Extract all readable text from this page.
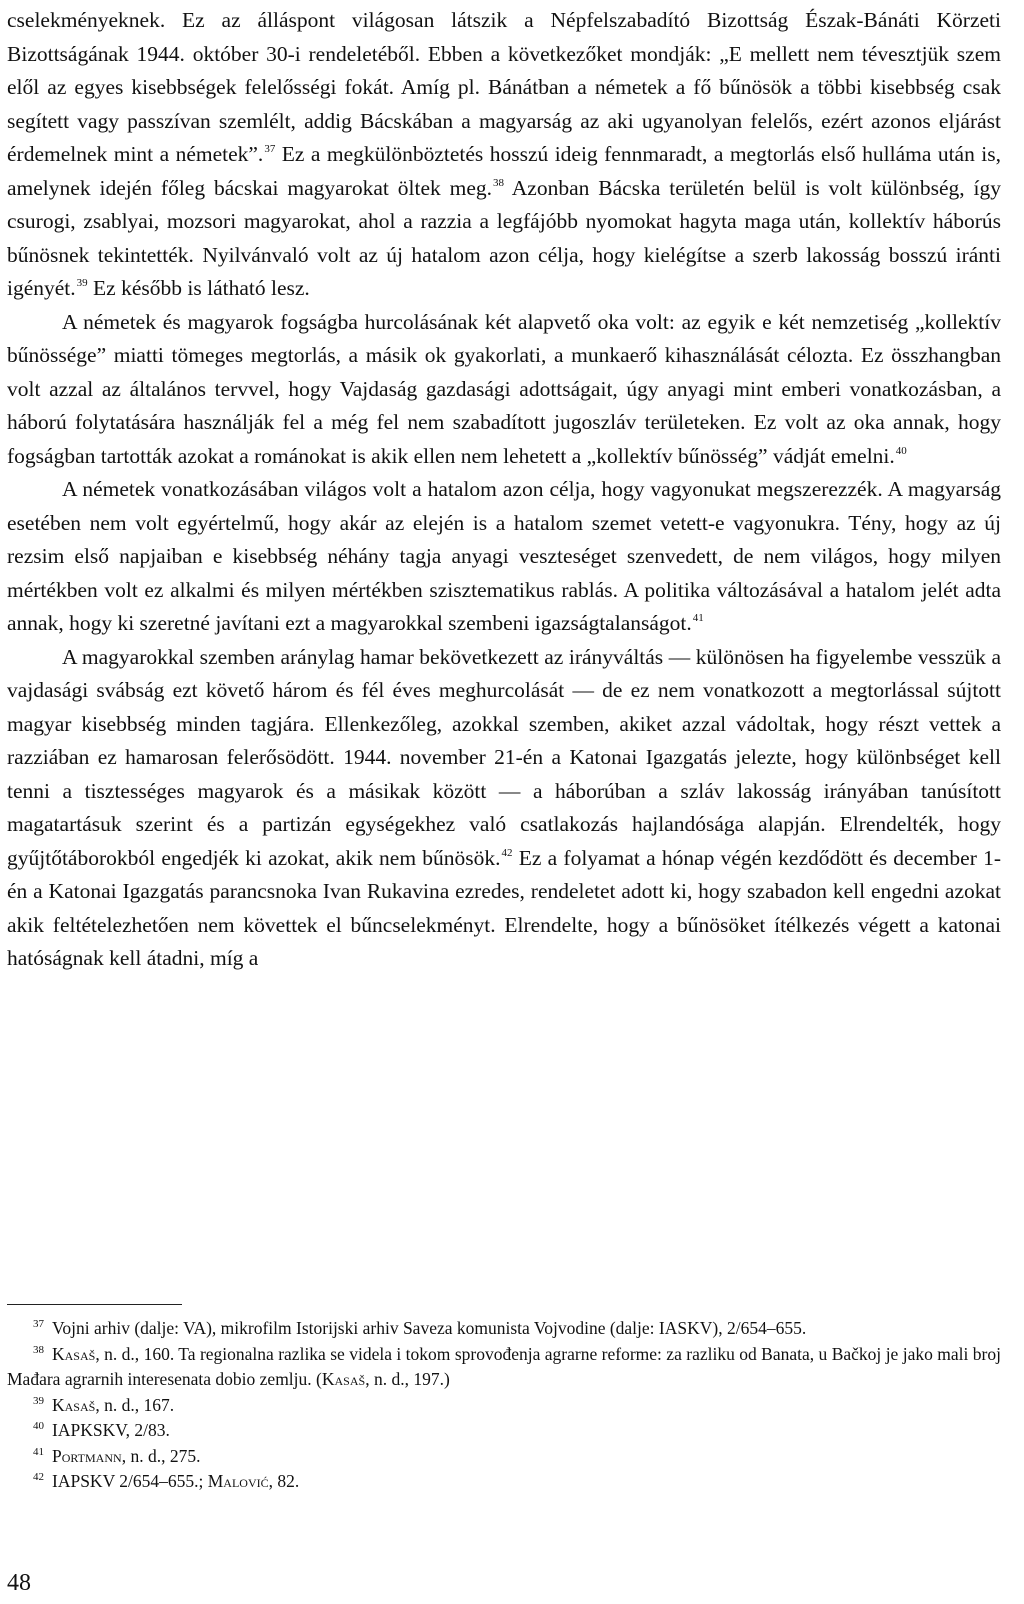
cselekményeknek. Ez az álláspont világosan látszik a Népfelszabadító Bizottság Észak-Bánáti Körzeti Bizottságának 1944. október 30-i rendeletéből. Ebben a következőket mondják: „E mellett nem tévesztjük szem elől az egyes kisebbségek felelősségi fokát. Amíg pl. Bánátban a németek a fő bűnösök a többi kisebbség csak segített vagy passzívan szemlélt, addig Bácskában a magyarság az aki ugyanolyan felelős, ezért azonos eljárást érdemelnek mint a németek”.$^{37}$ Ez a megkülönböztetés hosszú ideig fennmaradt, a megtorlás első hulláma után is, amelynek idején főleg bácskai magyarokat öltek meg.$^{38}$ Azonban Bácska területén belül is volt különbség, így csurogi, zsablyai, mozsori magyarokat, ahol a razzia a legfájóbb nyomokat hagyta maga után, kollektív háborús bűnösnek tekintették. Nyilvánvaló volt az új hatalom azon célja, hogy kielégítse a szerb lakosság bosszú iránti igényét.$^{39}$ Ez később is látható lesz.

A németek és magyarok fogságba hurcolásának két alapvető oka volt: az egyik e két nemzetiség „kollektív bűnössége” miatti tömeges megtorlás, a másik ok gyakorlati, a munkaerő kihasználását célozta. Ez összhangban volt azzal az általános tervvel, hogy Vajdaság gazdasági adottságait, úgy anyagi mint emberi vonatkozásban, a háború folytatására használják fel a még fel nem szabadított jugoszláv területeken. Ez volt az oka annak, hogy fogságban tartották azokat a románokat is akik ellen nem lehetett a „kollektív bűnösség” vádját emelni.$^{40}$

A németek vonatkozásában világos volt a hatalom azon célja, hogy vagyonukat megszerezzék. A magyarság esetében nem volt egyértelmű, hogy akár az elején is a hatalom szemet vetett-e vagyonukra. Tény, hogy az új rezsim első napjaiban e kisebbség néhány tagja anyagi veszteséget szenvedett, de nem világos, hogy milyen mértékben volt ez alkalmi és milyen mértékben szisztematikus rablás. A politika változásával a hatalom jelét adta annak, hogy ki szeretné javítani ezt a magyarokkal szembeni igazságtalanságot.$^{41}$

A magyarokkal szemben aránylag hamar bekövetkezett az irányváltás — különösen ha figyelembe vesszük a vajdasági svábság ezt követő három és fél éves meghurcolását — de ez nem vonatkozott a megtorlással sújtott magyar kisebbség minden tagjára. Ellenkezőleg, azokkal szemben, akiket azzal vádoltak, hogy részt vettek a razziában ez hamarosan felerősödött. 1944. november 21-én a Katonai Igazgatás jelezte, hogy különbséget kell tenni a tisztességes magyarok és a másikak között — a háborúban a szláv lakosság irányában tanúsított magatartásuk szerint és a partizán egységekhez való csatlakozás hajlandósága alapján. Elrendelték, hogy gyűjtőtáborokból engedjék ki azokat, akik nem bűnösök.$^{42}$ Ez a folyamat a hónap végén kezdődött és december 1-én a Katonai Igazgatás parancsnoka Ivan Rukavina ezredes, rendeletet adott ki, hogy szabadon kell engedni azokat akik feltételezhetően nem követtek el bűncselekményt. Elrendelte, hogy a bűnösöket ítélkezés végett a katonai hatóságnak kell átadni, míg a

$^{37}$ Vojni arhiv (dalje: VA), mikrofilm Istorijski arhiv Saveza komunista Vojvodine (dalje: IASKV), 2/654–655.

$^{38}$ Kasaš, n. d., 160. Ta regionalna razlika se videla i tokom sprovođenja agrarne reforme: za razliku od Banata, u Bačkoj je jako mali broj Mađara agrarnih interesenata dobio zemlju. (Kasaš, n. d., 197.)

$^{39}$ Kasaš, n. d., 167.

$^{40}$ IAPKSKV, 2/83.

$^{41}$ Portmann, n. d., 275.

$^{42}$ IAPSKV 2/654–655.; Malović, 82.

48
